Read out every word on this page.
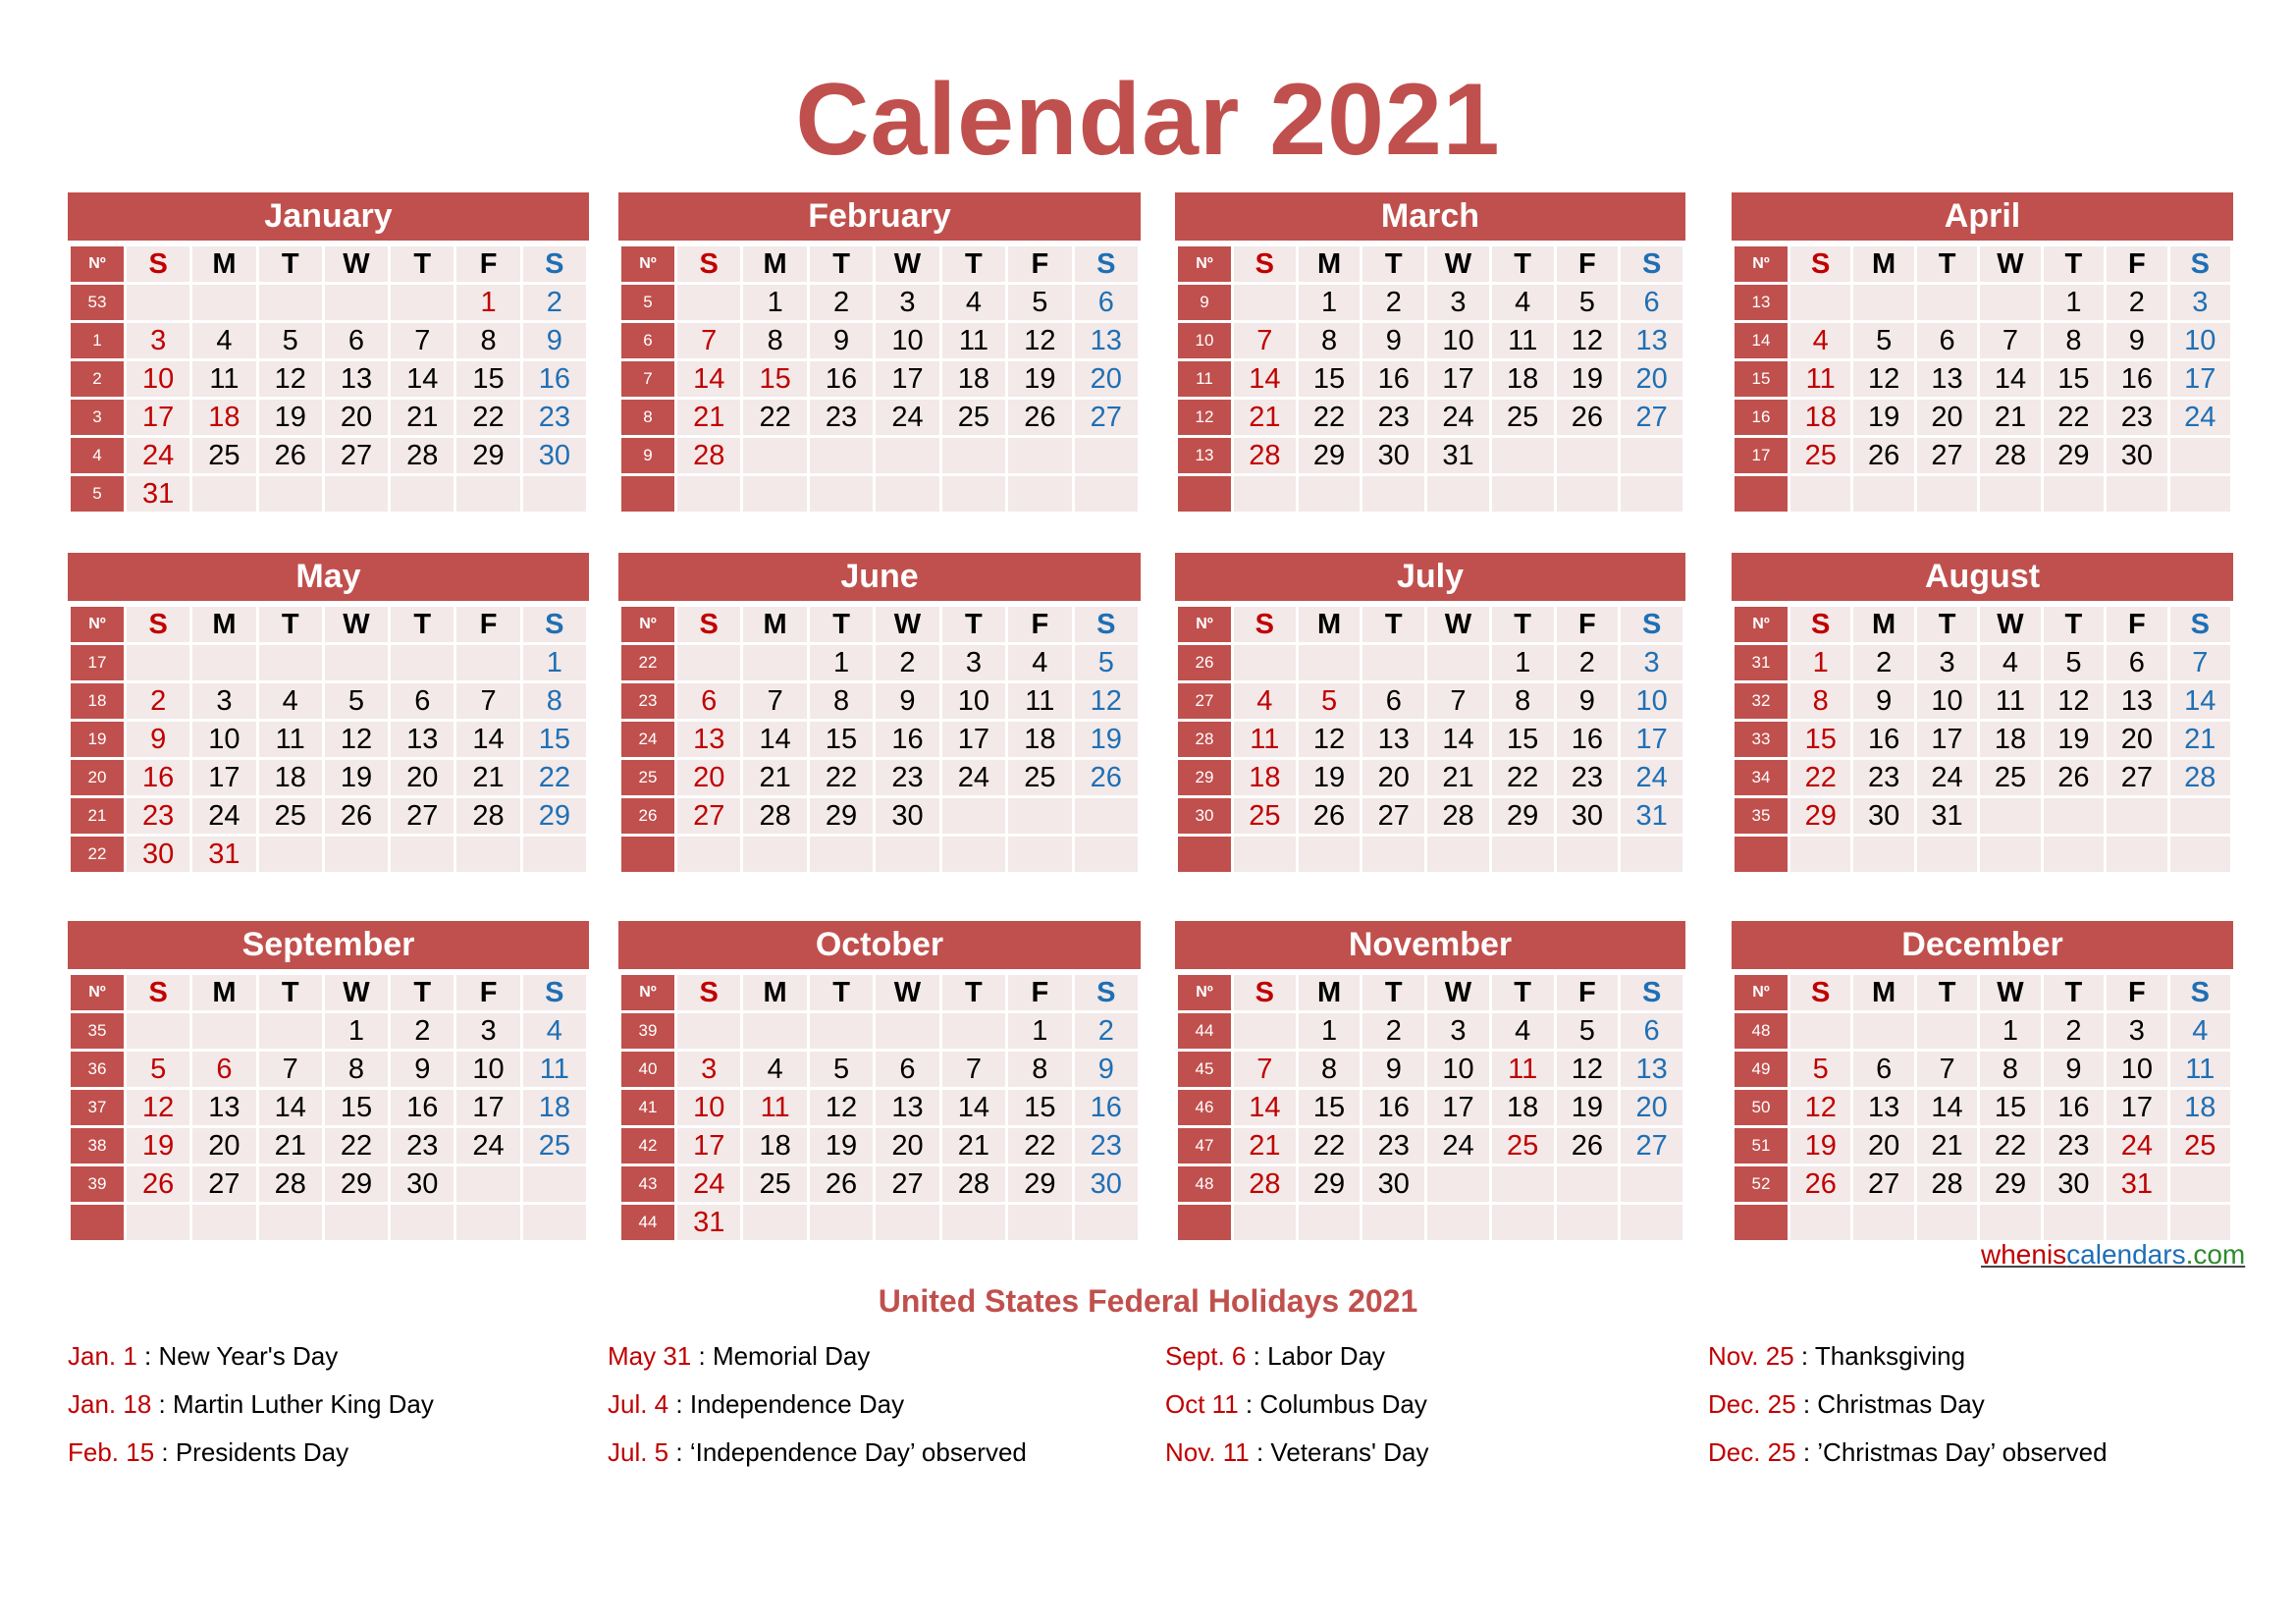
Calendar 2021
January
Nº	S	M	T	W	T	F	S
53						1	2
1	3	4	5	6	7	8	9
2	10	11	12	13	14	15	16
3	17	18	19	20	21	22	23
4	24	25	26	27	28	29	30
5	31						
February
Nº	S	M	T	W	T	F	S
5		1	2	3	4	5	6
6	7	8	9	10	11	12	13
7	14	15	16	17	18	19	20
8	21	22	23	24	25	26	27
9	28						

March
Nº	S	M	T	W	T	F	S
9		1	2	3	4	5	6
10	7	8	9	10	11	12	13
11	14	15	16	17	18	19	20
12	21	22	23	24	25	26	27
13	28	29	30	31			

April
Nº	S	M	T	W	T	F	S
13					1	2	3
14	4	5	6	7	8	9	10
15	11	12	13	14	15	16	17
16	18	19	20	21	22	23	24
17	25	26	27	28	29	30	

May
Nº	S	M	T	W	T	F	S
17							1
18	2	3	4	5	6	7	8
19	9	10	11	12	13	14	15
20	16	17	18	19	20	21	22
21	23	24	25	26	27	28	29
22	30	31					
June
Nº	S	M	T	W	T	F	S
22			1	2	3	4	5
23	6	7	8	9	10	11	12
24	13	14	15	16	17	18	19
25	20	21	22	23	24	25	26
26	27	28	29	30			

July
Nº	S	M	T	W	T	F	S
26					1	2	3
27	4	5	6	7	8	9	10
28	11	12	13	14	15	16	17
29	18	19	20	21	22	23	24
30	25	26	27	28	29	30	31

August
Nº	S	M	T	W	T	F	S
31	1	2	3	4	5	6	7
32	8	9	10	11	12	13	14
33	15	16	17	18	19	20	21
34	22	23	24	25	26	27	28
35	29	30	31				

September
Nº	S	M	T	W	T	F	S
35				1	2	3	4
36	5	6	7	8	9	10	11
37	12	13	14	15	16	17	18
38	19	20	21	22	23	24	25
39	26	27	28	29	30		

October
Nº	S	M	T	W	T	F	S
39						1	2
40	3	4	5	6	7	8	9
41	10	11	12	13	14	15	16
42	17	18	19	20	21	22	23
43	24	25	26	27	28	29	30
44	31						
November
Nº	S	M	T	W	T	F	S
44		1	2	3	4	5	6
45	7	8	9	10	11	12	13
46	14	15	16	17	18	19	20
47	21	22	23	24	25	26	27
48	28	29	30				

December
Nº	S	M	T	W	T	F	S
48				1	2	3	4
49	5	6	7	8	9	10	11
50	12	13	14	15	16	17	18
51	19	20	21	22	23	24	25
52	26	27	28	29	30	31	

wheniscalendars.com
United States Federal Holidays 2021
Jan. 1 : New Year's Day
Jan. 18 : Martin Luther King Day
Feb. 15 : Presidents Day
May 31 : Memorial Day
Jul. 4 : Independence Day
Jul. 5 : ‘Independence Day’ observed
Sept. 6 : Labor Day
Oct 11 : Columbus Day
Nov. 11 : Veterans' Day
Nov. 25 : Thanksgiving
Dec. 25 : Christmas Day
Dec. 25 : ’Christmas Day’ observed
